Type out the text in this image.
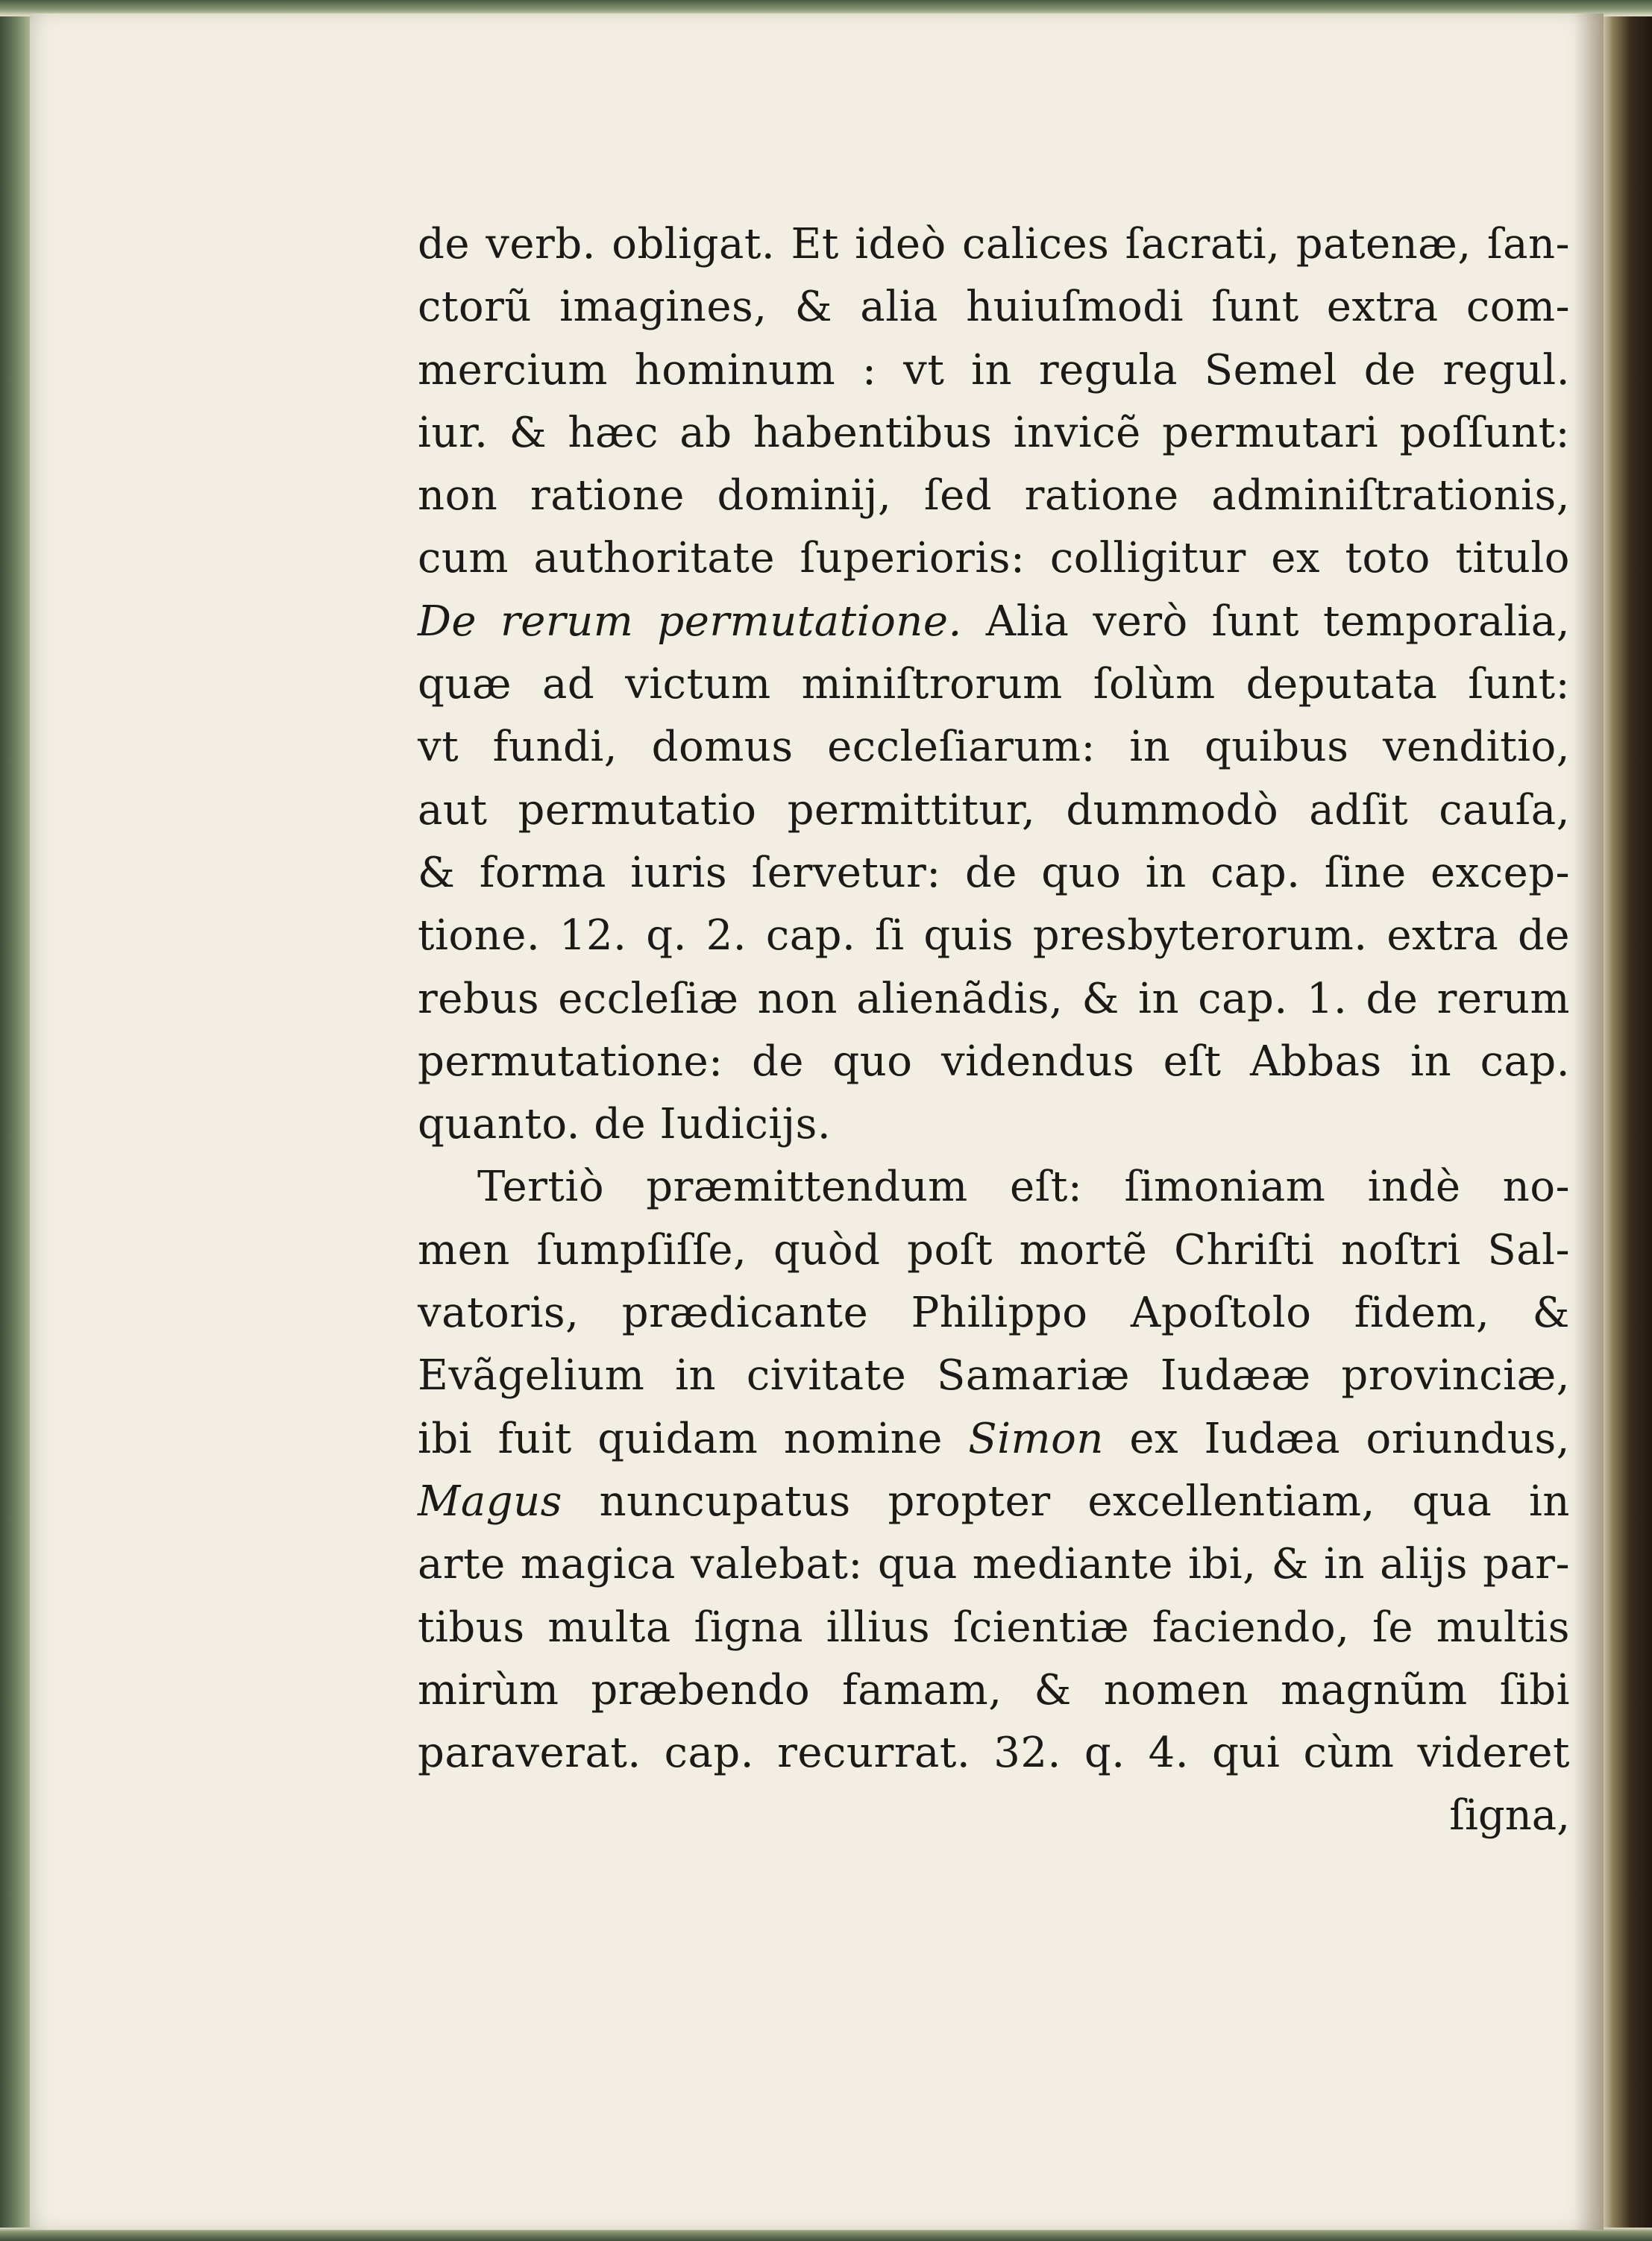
de verb. obligat. Et ideò calices ſacrati, patenæ, ſan-
ctorũ imagines, & alia huiuſmodi ſunt extra com-
mercium hominum : vt in regula Semel de regul.
iur. & hæc ab habentibus invicẽ permutari poſſunt:
non ratione dominij, ſed ratione adminiſtrationis,
cum authoritate ſuperioris: colligitur ex toto titulo
De rerum permutatione. Alia verò ſunt temporalia,
quæ ad victum miniſtrorum ſolùm deputata ſunt:
vt fundi, domus eccleſiarum: in quibus venditio,
aut permutatio permittitur, dummodò adſit cauſa,
& forma iuris ſervetur: de quo in cap. ſine excep-
tione. 12. q. 2. cap. ſi quis presbyterorum. extra de
rebus eccleſiæ non alienãdis, & in cap. 1. de rerum
permutatione: de quo videndus eſt Abbas in cap.
quanto. de Iudicijs.
Tertiò præmittendum eſt: ſimoniam indè no-
men ſumpſiſſe, quòd poſt mortẽ Chriſti noſtri Sal-
vatoris, prædicante Philippo Apoſtolo fidem, &
Evãgelium in civitate Samariæ Iudææ provinciæ,
ibi fuit quidam nomine Simon ex Iudæa oriundus,
Magus nuncupatus propter excellentiam, qua in
arte magica valebat: qua mediante ibi, & in alijs par-
tibus multa ſigna illius ſcientiæ faciendo, ſe multis
mirùm præbendo famam, & nomen magnũm ſibi
paraverat. cap. recurrat. 32. q. 4. qui cùm videret
ſigna,
